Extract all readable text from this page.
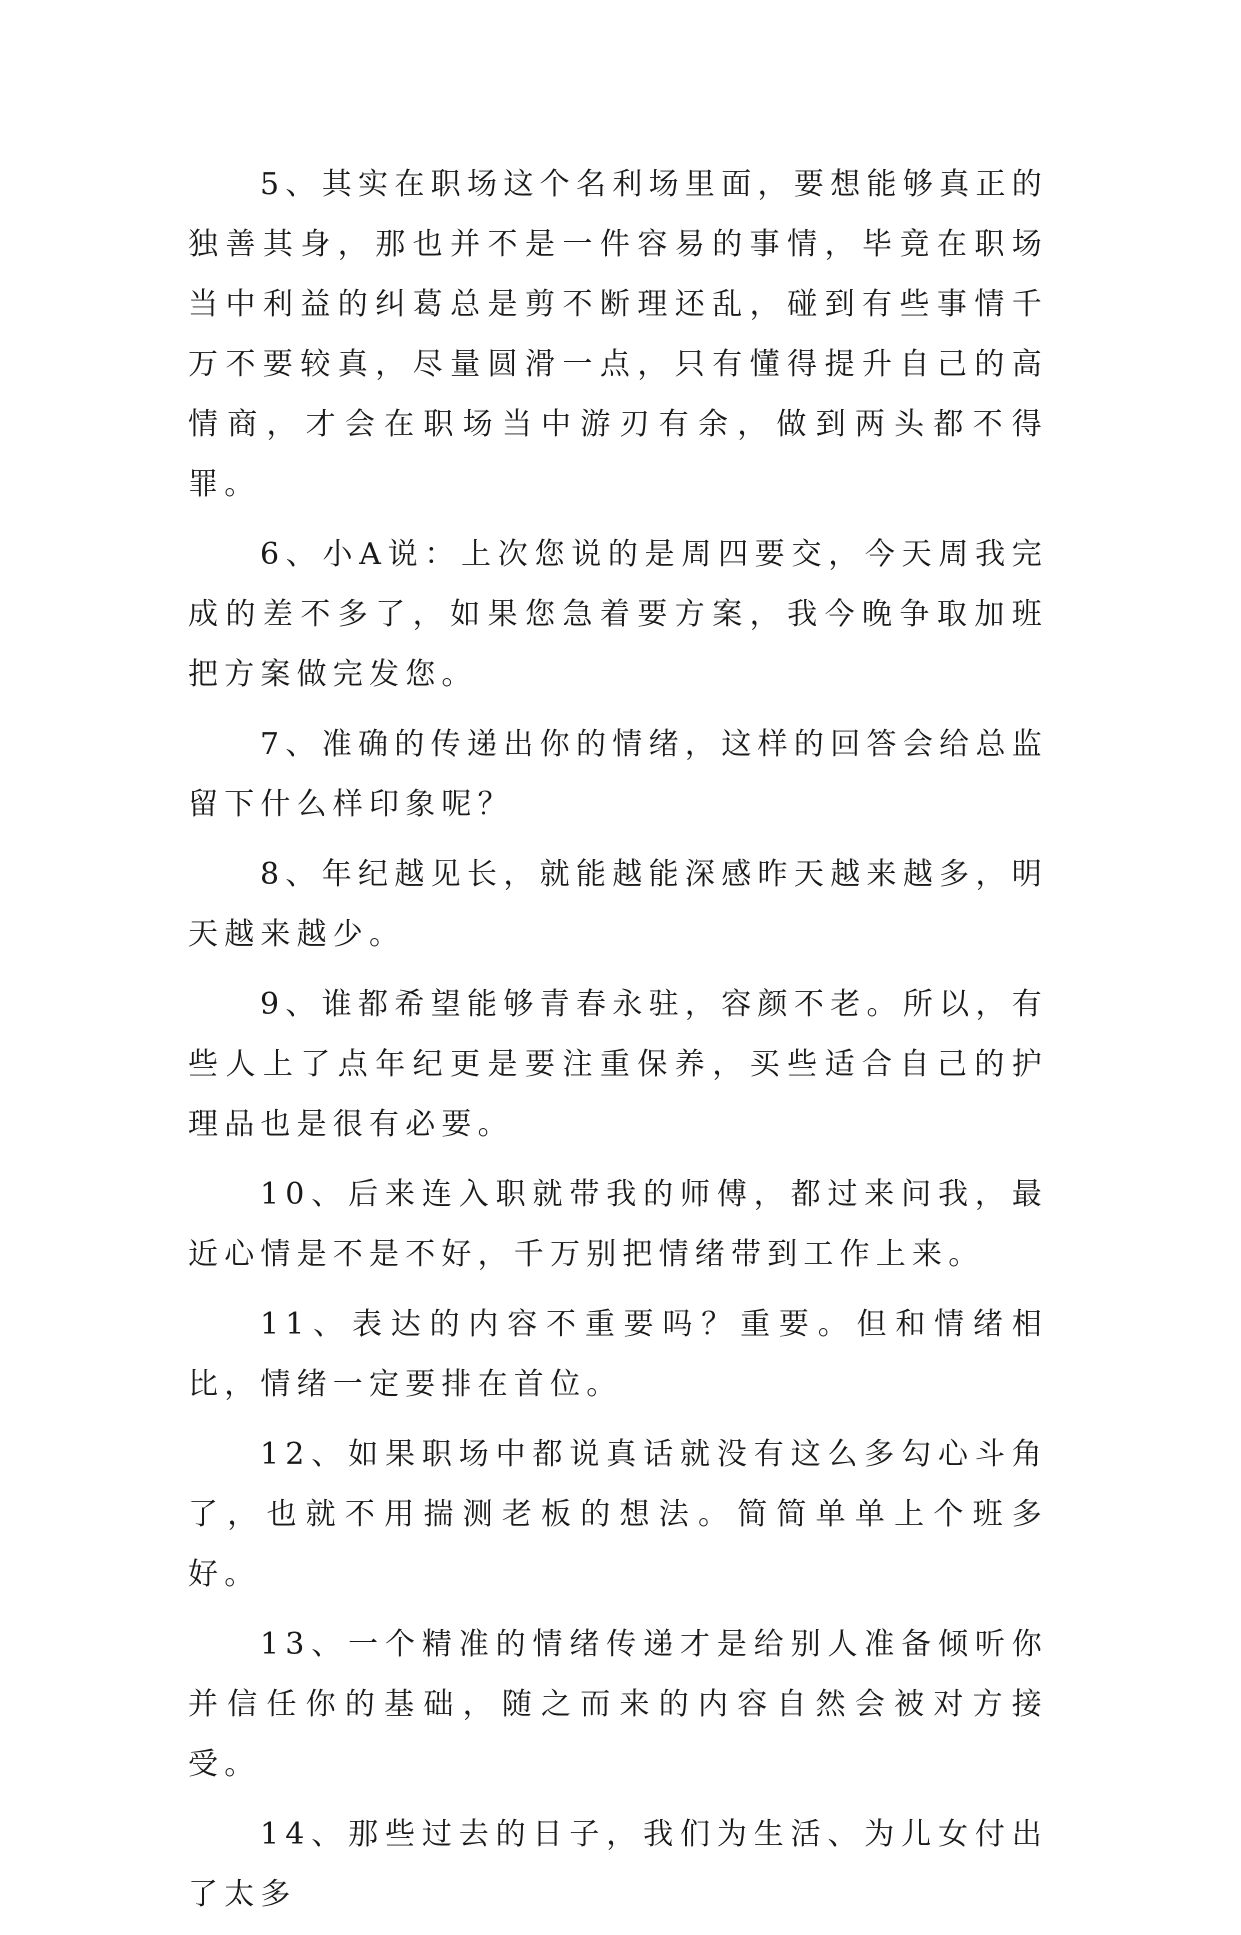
5、其实在职场这个名利场里面，要想能够真正的独善其身，那也并不是一件容易的事情，毕竟在职场当中利益的纠葛总是剪不断理还乱，碰到有些事情千万不要较真，尽量圆滑一点，只有懂得提升自己的高情商，才会在职场当中游刃有余，做到两头都不得罪。

6、小A说：上次您说的是周四要交，今天周我完成的差不多了，如果您急着要方案，我今晚争取加班把方案做完发您。

7、准确的传递出你的情绪，这样的回答会给总监留下什么样印象呢？

8、年纪越见长，就能越能深感昨天越来越多，明天越来越少。

9、谁都希望能够青春永驻，容颜不老。所以，有些人上了点年纪更是要注重保养，买些适合自己的护理品也是很有必要。

10、后来连入职就带我的师傅，都过来问我，最近心情是不是不好，千万别把情绪带到工作上来。

11、表达的内容不重要吗？重要。但和情绪相比，情绪一定要排在首位。

12、如果职场中都说真话就没有这么多勾心斗角了，也就不用揣测老板的想法。简简单单上个班多好。

13、一个精准的情绪传递才是给别人准备倾听你并信任你的基础，随之而来的内容自然会被对方接受。

14、那些过去的日子，我们为生活、为儿女付出了太多
